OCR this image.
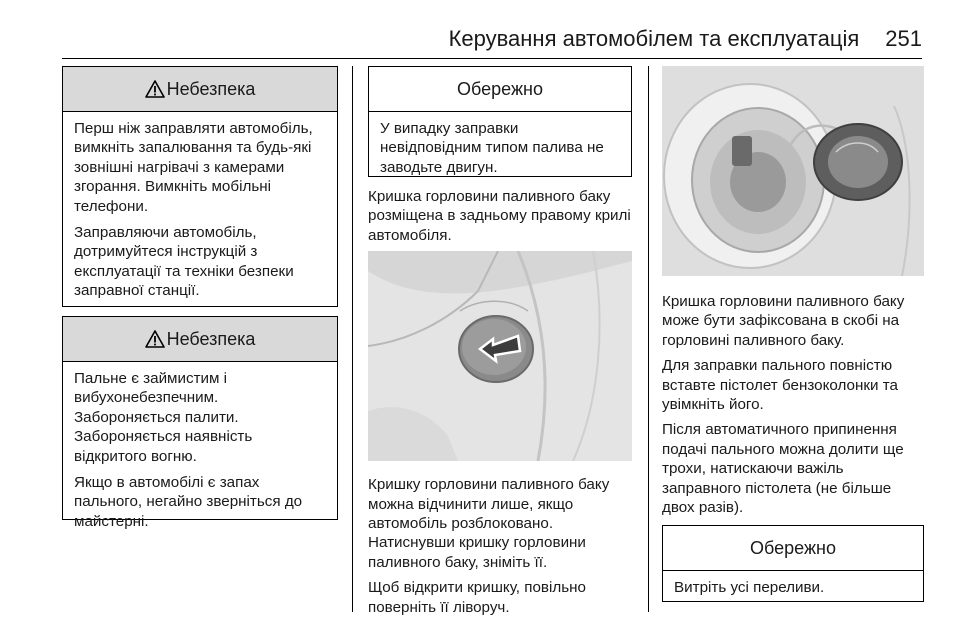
Керування автомобілем та експлуатація 251
Небезпека

Перш ніж заправляти автомобіль, вимкніть запалювання та будь-які зовнішні нагрівачі з камерами згорання. Вимкніть мобільні телефони.

Заправляючи автомобіль, дотримуйтеся інструкцій з експлуатації та техніки безпеки заправної станції.

Небезпека

Пальне є займистим і вибухонебезпечним. Забороняється палити. Забороняється наявність відкритого вогню.

Якщо в автомобілі є запах пального, негайно зверніться до майстерні.

Обережно

У випадку заправки невідповідним типом палива не заводьте двигун.

Кришка горловини паливного баку розміщена в задньому правому крилі автомобіля.

Кришку горловини паливного баку можна відчинити лише, якщо автомобіль розблоковано. Натиснувши кришку горловини паливного баку, зніміть її.

Щоб відкрити кришку, повільно поверніть її ліворуч.

Кришка горловини паливного баку може бути зафіксована в скобі на горловині паливного баку.

Для заправки пального повністю вставте пістолет бензоколонки та увімкніть його.

Після автоматичного припинення подачі пального можна долити ще трохи, натискаючи важіль заправного пістолета (не більше двох разів).

Обережно

Витріть усі переливи.
